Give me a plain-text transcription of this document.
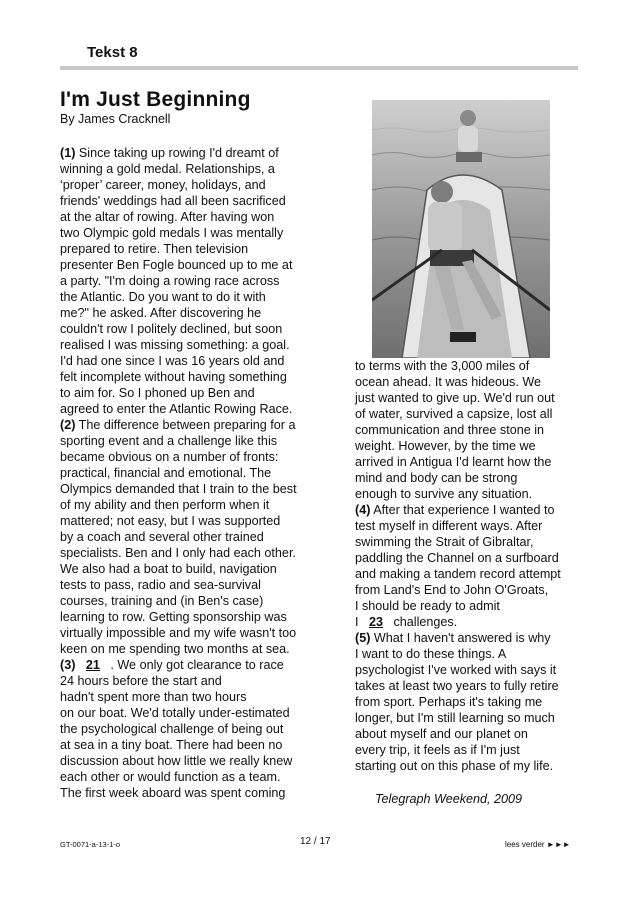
Tekst 8
I'm Just Beginning
By James Cracknell
(1) Since taking up rowing I'd dreamt of
winning a gold medal. Relationships, a
‘proper’ career, money, holidays, and
friends' weddings had all been sacrificed
at the altar of rowing. After having won
two Olympic gold medals I was mentally
prepared to retire. Then television
presenter Ben Fogle bounced up to me at
a party. "I'm doing a rowing race across
the Atlantic. Do you want to do it with
me?" he asked. After discovering he
couldn't row I politely declined, but soon
realised I was missing something: a goal.
I'd had one since I was 16 years old and
felt incomplete without having something
to aim for. So I phoned up Ben and
agreed to enter the Atlantic Rowing Race.
(2) The difference between preparing for a
sporting event and a challenge like this
became obvious on a number of fronts:
practical, financial and emotional. The
Olympics demanded that I train to the best
of my ability and then perform when it
mattered; not easy, but I was supported
by a coach and several other trained
specialists. Ben and I only had each other.
We also had a boat to build, navigation
tests to pass, radio and sea-survival
courses, training and (in Ben's case)
learning to row. Getting sponsorship was
virtually impossible and my wife wasn't too
keen on me spending two months at sea.
(3) 21 . We only got clearance to race
24 hours before the start and
hadn't spent more than two hours
on our boat. We'd totally under-estimated
the psychological challenge of being out
at sea in a tiny boat. There had been no
discussion about how little we really knew
each other or would function as a team.
The first week aboard was spent coming
to terms with the 3,000 miles of
ocean ahead. It was hideous. We
just wanted to give up. We'd run out
of water, survived a capsize, lost all
communication and three stone in
weight. However, by the time we
arrived in Antigua I'd learnt how the
mind and body can be strong
enough to survive any situation.
(4) After that experience I wanted to
test myself in different ways. After
swimming the Strait of Gibraltar,
paddling the Channel on a surfboard
and making a tandem record attempt
from Land's End to John O'Groats,
I should be ready to admit
I 23 challenges.
(5) What I haven't answered is why
I want to do these things. A
psychologist I've worked with says it
takes at least two years to fully retire
from sport. Perhaps it's taking me
longer, but I'm still learning so much
about myself and our planet on
every trip, it feels as if I'm just
starting out on this phase of my life.
Telegraph Weekend, 2009
GT-0071-a-13-1-o	12 / 17	lees verder ►►►
